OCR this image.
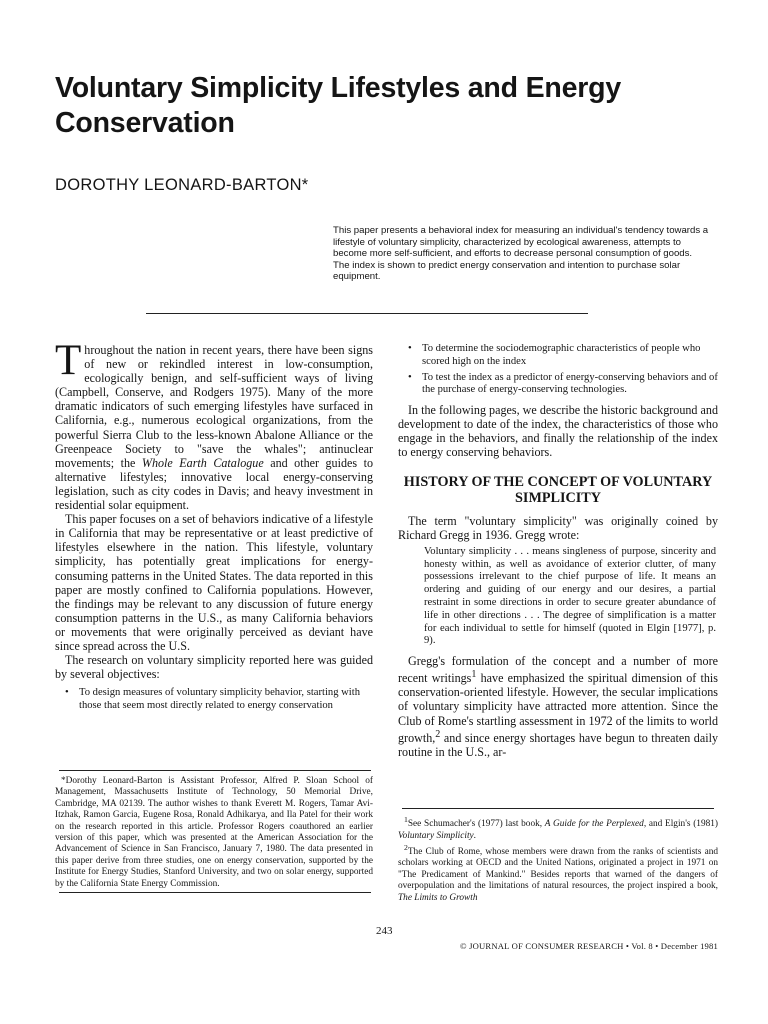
Voluntary Simplicity Lifestyles and Energy Conservation
DOROTHY LEONARD-BARTON*
This paper presents a behavioral index for measuring an individual's tendency towards a lifestyle of voluntary simplicity, characterized by ecological awareness, attempts to become more self-sufficient, and efforts to decrease personal consumption of goods. The index is shown to predict energy conservation and intention to purchase solar equipment.

Throughout the nation in recent years, there have been signs of new or rekindled interest in low-consumption, ecologically benign, and self-sufficient ways of living (Campbell, Conserve, and Rodgers 1975). Many of the more dramatic indicators of such emerging lifestyles have surfaced in California, e.g., numerous ecological organizations, from the powerful Sierra Club to the less-known Abalone Alliance or the Greenpeace Society to "save the whales"; antinuclear movements; the Whole Earth Catalogue and other guides to alternative lifestyles; innovative local energy-conserving legislation, such as city codes in Davis; and heavy investment in residential solar equipment.

This paper focuses on a set of behaviors indicative of a lifestyle in California that may be representative or at least predictive of lifestyles elsewhere in the nation. This lifestyle, voluntary simplicity, has potentially great implications for energy-consuming patterns in the United States. The data reported in this paper are mostly confined to California populations. However, the findings may be relevant to any discussion of future energy consumption patterns in the U.S., as many California behaviors or movements that were originally perceived as deviant have since spread across the U.S.

The research on voluntary simplicity reported here was guided by several objectives:

• To design measures of voluntary simplicity behavior, starting with those that seem most directly related to energy conservation

*Dorothy Leonard-Barton is Assistant Professor, Alfred P. Sloan School of Management, Massachusetts Institute of Technology, 50 Memorial Drive, Cambridge, MA 02139. The author wishes to thank Everett M. Rogers, Tamar Avi-Itzhak, Ramon Garcia, Eugene Rosa, Ronald Adhikarya, and Ila Patel for their work on the research reported in this article. Professor Rogers coauthored an earlier version of this paper, which was presented at the American Association for the Advancement of Science in San Francisco, January 7, 1980. The data presented in this paper derive from three studies, one on energy conservation, supported by the Institute for Energy Studies, Stanford University, and two on solar energy, supported by the California State Energy Commission.

• To determine the sociodemographic characteristics of people who scored high on the index
• To test the index as a predictor of energy-conserving behaviors and of the purchase of energy-conserving technologies.

In the following pages, we describe the historic background and development to date of the index, the characteristics of those who engage in the behaviors, and finally the relationship of the index to energy conserving behaviors.

HISTORY OF THE CONCEPT OF VOLUNTARY SIMPLICITY

The term "voluntary simplicity" was originally coined by Richard Gregg in 1936. Gregg wrote:

Voluntary simplicity . . . means singleness of purpose, sincerity and honesty within, as well as avoidance of exterior clutter, of many possessions irrelevant to the chief purpose of life. It means an ordering and guiding of our energy and our desires, a partial restraint in some directions in order to secure greater abundance of life in other directions . . . The degree of simplification is a matter for each individual to settle for himself (quoted in Elgin [1977], p. 9).

Gregg's formulation of the concept and a number of more recent writings$^1$ have emphasized the spiritual dimension of this conservation-oriented lifestyle. However, the secular implications of voluntary simplicity have attracted more attention. Since the Club of Rome's startling assessment in 1972 of the limits to world growth,$^2$ and since energy shortages have begun to threaten daily routine in the U.S., ar-

$^1$See Schumacher's (1977) last book, A Guide for the Perplexed, and Elgin's (1981) Voluntary Simplicity.

$^2$The Club of Rome, whose members were drawn from the ranks of scientists and scholars working at OECD and the United Nations, originated a project in 1971 on "The Predicament of Mankind." Besides reports that warned of the dangers of overpopulation and the limitations of natural resources, the project inspired a book, The Limits to Growth

243
© JOURNAL OF CONSUMER RESEARCH • Vol. 8 • December 1981
